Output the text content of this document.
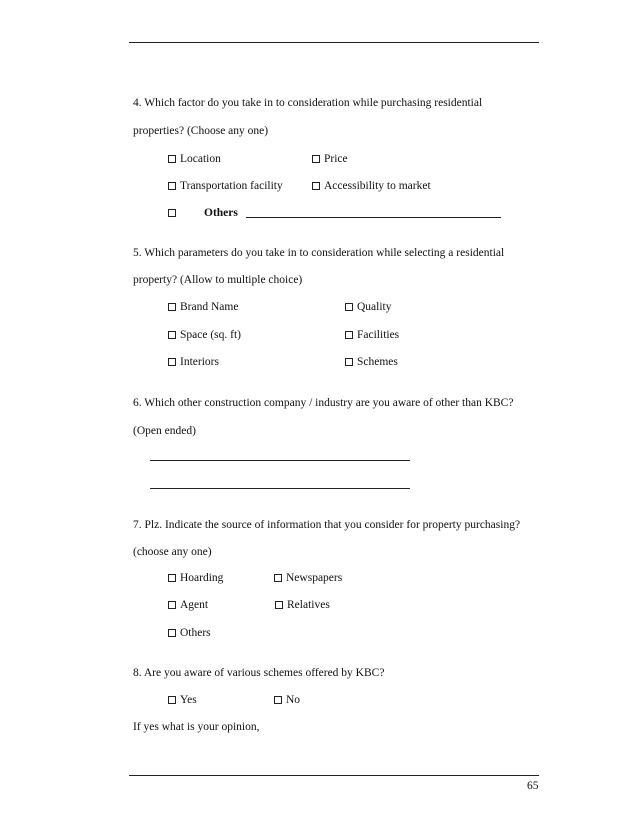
4. Which factor do you take in to consideration while purchasing residential
properties? (Choose any one)
Location	Price
Transportation facility	Accessibility to market
Others
5. Which parameters do you take in to consideration while selecting a residential
property? (Allow to multiple choice)
Brand Name	Quality
Space (sq. ft)	Facilities
Interiors	Schemes
6. Which other construction company / industry are you aware of other than KBC?
(Open ended)
7. Plz. Indicate the source of information that you consider for property purchasing?
(choose any one)
Hoarding	Newspapers
Agent	Relatives
Others
8. Are you aware of various schemes offered by KBC?
Yes	No
If yes what is your opinion,
65
